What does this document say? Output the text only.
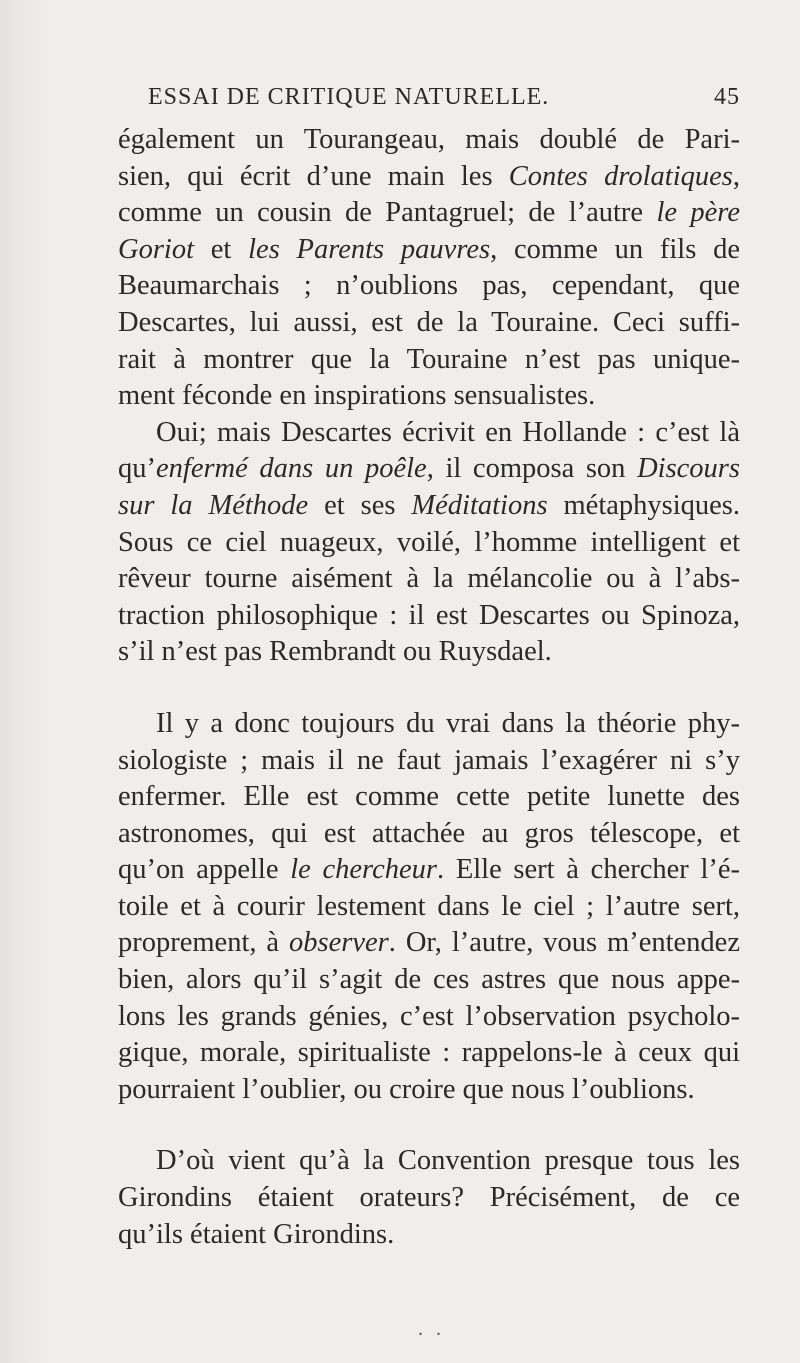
ESSAI DE CRITIQUE NATURELLE.	45
également un Tourangeau, mais doublé de Pari-
sien, qui écrit d’une main les Contes drolatiques,
comme un cousin de Pantagruel; de l’autre le père
Goriot et les Parents pauvres, comme un fils de
Beaumarchais ; n’oublions pas, cependant, que
Descartes, lui aussi, est de la Touraine. Ceci suffi-
rait à montrer que la Touraine n’est pas unique-
ment féconde en inspirations sensualistes.
Oui; mais Descartes écrivit en Hollande : c’est là
qu’enfermé dans un poêle, il composa son Discours
sur la Méthode et ses Méditations métaphysiques.
Sous ce ciel nuageux, voilé, l’homme intelligent et
rêveur tourne aisément à la mélancolie ou à l’abs-
traction philosophique : il est Descartes ou Spinoza,
s’il n’est pas Rembrandt ou Ruysdael.
Il y a donc toujours du vrai dans la théorie phy-
siologiste ; mais il ne faut jamais l’exagérer ni s’y
enfermer. Elle est comme cette petite lunette des
astronomes, qui est attachée au gros télescope, et
qu’on appelle le chercheur. Elle sert à chercher l’é-
toile et à courir lestement dans le ciel ; l’autre sert,
proprement, à observer. Or, l’autre, vous m’entendez
bien, alors qu’il s’agit de ces astres que nous appe-
lons les grands génies, c’est l’observation psycholo-
gique, morale, spiritualiste : rappelons-le à ceux qui
pourraient l’oublier, ou croire que nous l’oublions.
D’où vient qu’à la Convention presque tous les
Girondins étaient orateurs? Précisément, de ce
qu’ils étaient Girondins.
. .
